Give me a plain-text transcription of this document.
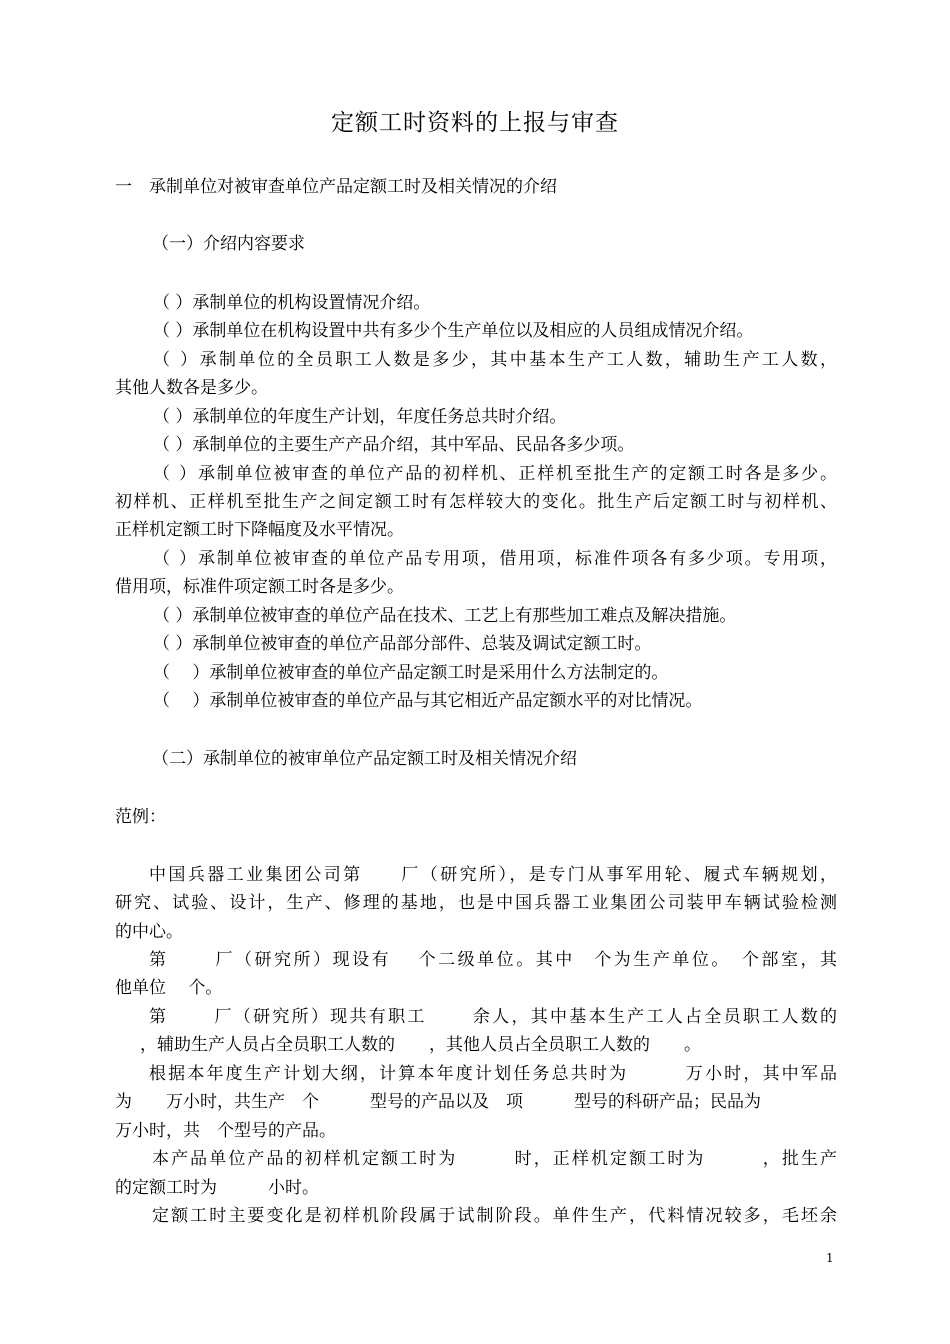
定额工时资料的上报与审查
一　承制单位对被审查单位产品定额工时及相关情况的介绍
（一）介绍内容要求
（ ）承制单位的机构设置情况介绍。
（ ）承制单位在机构设置中共有多少个生产单位以及相应的人员组成情况介绍。
（ ）承制单位的全员职工人数是多少，其中基本生产工人数，辅助生产工人数，
其他人数各是多少。
（ ）承制单位的年度生产计划，年度任务总共时介绍。
（ ）承制单位的主要生产产品介绍，其中军品、民品各多少项。
（ ）承制单位被审查的单位产品的初样机、正样机至批生产的定额工时各是多少。
初样机、正样机至批生产之间定额工时有怎样较大的变化。批生产后定额工时与初样机、
正样机定额工时下降幅度及水平情况。
（ ）承制单位被审查的单位产品专用项，借用项，标准件项各有多少项。专用项，
借用项，标准件项定额工时各是多少。
（ ）承制单位被审查的单位产品在技术、工艺上有那些加工难点及解决措施。
（ ）承制单位被审查的单位产品部分部件、总装及调试定额工时。
（　 ）承制单位被审查的单位产品定额工时是采用什么方法制定的。
（　 ）承制单位被审查的单位产品与其它相近产品定额水平的对比情况。
（二）承制单位的被审单位产品定额工时及相关情况介绍
范例：
中国兵器工业集团公司第　　厂（研究所），是专门从事军用轮、履式车辆规划，
研究、试验、设计，生产、修理的基地，也是中国兵器工业集团公司装甲车辆试验检测
的中心。
第　　 厂（研究所）现设有　 个二级单位。其中　个为生产单位。　个部室，其
他单位　 个。
第　　 厂（研究所）现共有职工　　 余人，其中基本生产工人占全员职工人数的
，辅助生产人员占全员职工人数的　　，其他人员占全员职工人数的　　。
根据本年度生产计划大纲，计算本年度计划任务总共时为　　　万小时，其中军品
为　　万小时，共生产　个　　　型号的产品以及　项　　　型号的科研产品；民品为
万小时，共　个型号的产品。
本产品单位产品的初样机定额工时为　　　时，正样机定额工时为　　　，批生产
的定额工时为　　　小时。
定额工时主要变化是初样机阶段属于试制阶段。单件生产，代料情况较多，毛坯余
1
